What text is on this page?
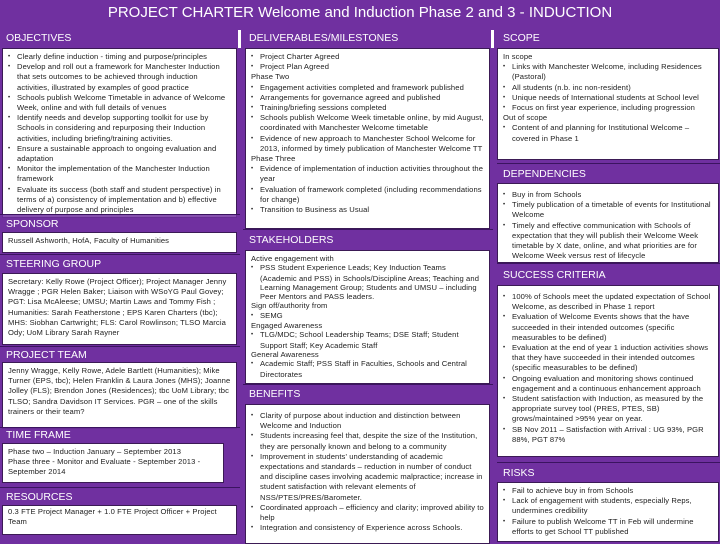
PROJECT CHARTER Welcome and Induction Phase 2 and 3 - INDUCTION
OBJECTIVES
• Clearly define induction - timing and purpose/principles
• Develop and roll out a framework for Manchester Induction that sets outcomes to be achieved through induction activities, illustrated by examples of good practice
• Schools publish Welcome Timetable in advance of Welcome Week, online and with full details of venues
• Identify needs and develop supporting toolkit for use by Schools in considering and repurposing their Induction activities, including briefing/training activities.
• Ensure a sustainable approach to ongoing evaluation and adaptation
• Monitor the implementation of the Manchester Induction framework
• Evaluate its success (both staff and student perspective) in terms of a) consistency of implementation and b) effective delivery of purpose and principles
SPONSOR
Russell Ashworth, HofA, Faculty of Humanities
STEERING GROUP
Secretary: Kelly Rowe (Project Officer); Project Manager Jenny Wragge ; PGR Helen Baker; Liaison with WSoYG Paul Govey; PGT: Lisa McAleese; UMSU; Martin Laws and Tommy Fish ; Humanities: Sarah Featherstone ; EPS Karen Charters (tbc); MHS: Siobhan Cartwright; FLS: Carol Rowlinson; TLSO Marcia Ody; UoM Library Sarah Rayner
PROJECT TEAM
Jenny Wragge, Kelly Rowe, Adele Bartlett (Humanities); Mike Turner (EPS, tbc); Helen Franklin & Laura Jones (MHS); Joanne Jolley (FLS); Brendon Jones (Residences); tbc UoM Library; tbc TLSO; Sandra Davidson IT Services. PGR – one of the skills trainers or their team?
TIME FRAME
Phase two – Induction January – September 2013
Phase three - Monitor and Evaluate - September 2013 - September 2014
RESOURCES
0.3 FTE Project Manager + 1.0 FTE Project Officer + Project Team
DELIVERABLES/MILESTONES
• Project Charter Agreed
• Project Plan Agreed
Phase Two
• Engagement activities completed and framework published
• Arrangements for governance agreed and published
• Training/briefing sessions completed
• Schools publish Welcome Week timetable online, by mid August, coordinated with Manchester Welcome timetable
• Evidence of new approach to Manchester School Welcome for 2013, informed by timely publication of Manchester Welcome TT
Phase Three
• Evidence of implementation of induction activities throughout the year
• Evaluation of framework completed (including recommendations for change)
• Transition to Business as Usual
STAKEHOLDERS
Active engagement with
• PSS Student Experience Leads; Key Induction Teams (Academic and PSS) in Schools/Discipline Areas; Teaching and Learning Management Group; Students and UMSU – including Peer Mentors and PASS leaders.
Sign off/authority from
• SEMG
Engaged Awareness
• TLG/MDC; School Leadership Teams; DSE Staff; Student Support Staff; Key Academic Staff
General Awareness
• Academic Staff; PSS Staff in Faculties, Schools and Central Directorates
BENEFITS
• Clarity of purpose about induction and distinction between Welcome and Induction
• Students increasing feel that, despite the size of the Institution, they are personally known and belong to a community
• Improvement in students' understanding of academic expectations and standards – reduction in number of conduct and discipline cases involving academic malpractice; increase in student satisfaction with relevant elements of NSS/PTES/PRES/Barometer.
• Coordinated approach – efficiency and clarity; improved ability to help
• Integration and consistency of Experience across Schools.
SCOPE
In scope
• Links with Manchester Welcome, including Residences (Pastoral)
• All students (n.b. inc non-resident)
• Unique needs of International students at School level
• Focus on first year experience, including progression
Out of scope
• Content of and planning for Institutional Welcome – covered in Phase 1
DEPENDENCIES
• Buy in from Schools
• Timely publication of a timetable of events for Institutional Welcome
• Timely and effective communication with Schools of expectation that they will publish their Welcome Week timetable by X date, online, and what priorities are for Welcome Week versus rest of lifecycle
SUCCESS CRITERIA
• 100% of Schools meet the updated expectation of School Welcome, as described in Phase 1 report
• Evaluation of Welcome Events shows that the have succeeded in their intended outcomes (specific measurables to be defined)
• Evaluation at the end of year 1 induction activities shows that they have succeeded in their intended outcomes (specific measurables to be defined)
• Ongoing evaluation and monitoring shows continued engagement and a continuous enhancement approach
• Student satisfaction with Induction, as measured by the appropriate survey tool (PRES, PTES, SB) grows/maintained >95% year on year.
• SB Nov 2011 – Satisfaction with Arrival : UG 93%, PGR 88%, PGT 87%
RISKS
• Fail to achieve buy in from Schools
• Lack of engagement with students, especially Reps, undermines credibility
• Failure to publish Welcome TT in Feb will undermine efforts to get School TT published
